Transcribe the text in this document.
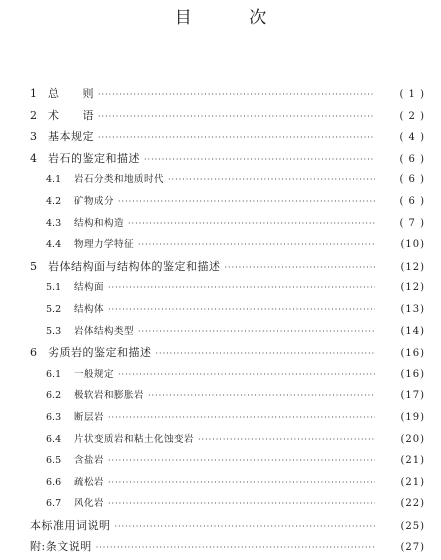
目 次
1	总　　则 ·····	( 1 )
2	术　　语 ·····	( 2 )
3	基本规定 ·····	( 4 )
4	岩石的鉴定和描述 ·····	( 6 )
4.1	岩石分类和地质时代 ·····	( 6 )
4.2	矿物成分 ·····	( 6 )
4.3	结构和构造 ·····	( 7 )
4.4	物理力学特征 ·····	(10)
5	岩体结构面与结构体的鉴定和描述 ·····	(12)
5.1	结构面 ·····	(12)
5.2	结构体 ·····	(13)
5.3	岩体结构类型 ·····	(14)
6	劣质岩的鉴定和描述 ·····	(16)
6.1	一般规定 ·····	(16)
6.2	极软岩和膨胀岩 ·····	(17)
6.3	断层岩 ·····	(19)
6.4	片状变质岩和粘土化蚀变岩 ·····	(20)
6.5	含盐岩 ·····	(21)
6.6	疏松岩 ·····	(21)
6.7	风化岩 ·····	(22)
本标准用词说明 ·····	(25)
附:条文说明 ·····	(27)
